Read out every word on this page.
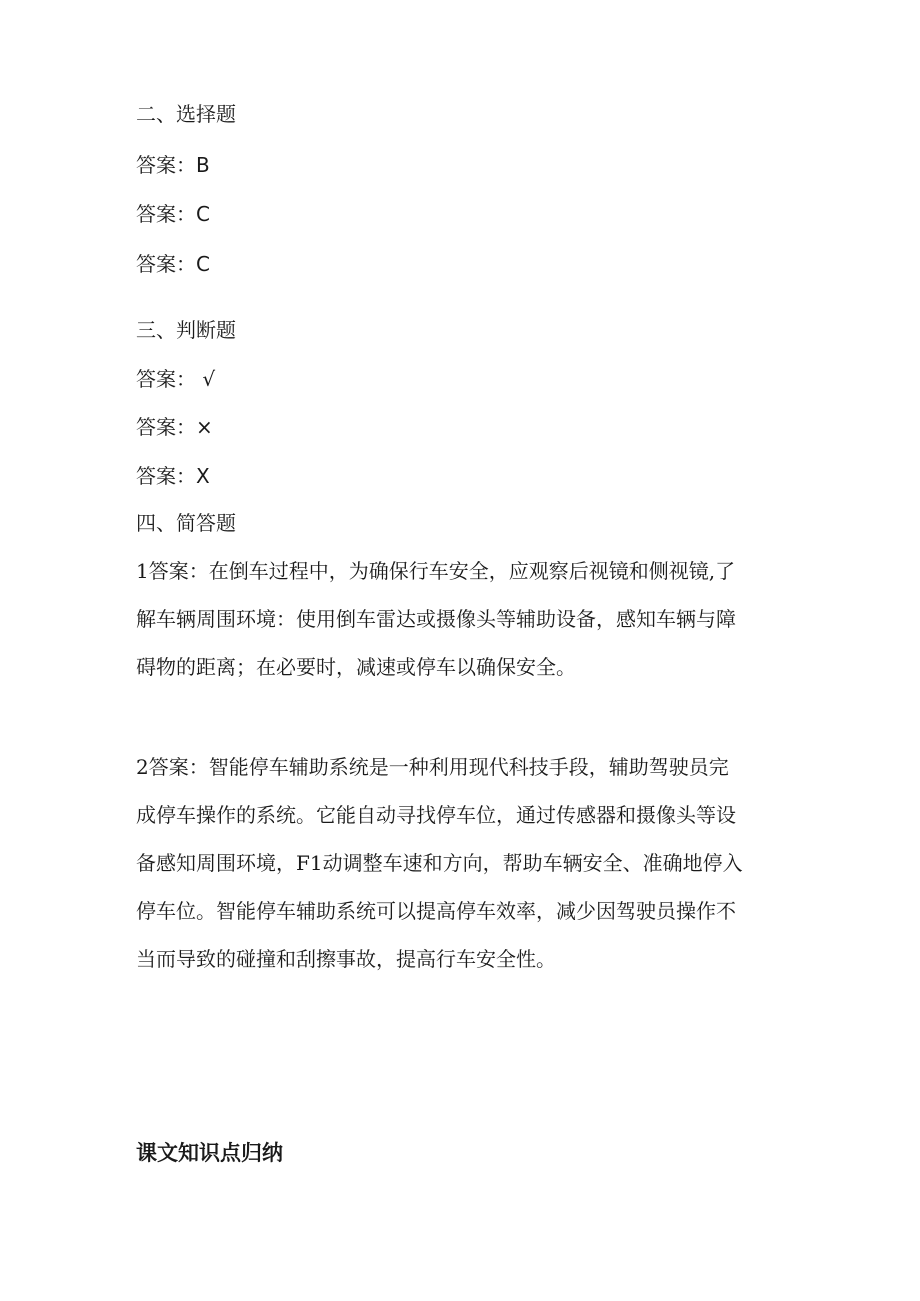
二、选择题
答案：B
答案：C
答案：C
三、判断题
答案： √
答案：×
答案：X
四、简答题
1答案：在倒车过程中，为确保行车安全，应观察后视镜和侧视镜,了
解车辆周围环境：使用倒车雷达或摄像头等辅助设备，感知车辆与障
碍物的距离；在必要时，减速或停车以确保安全。
2答案：智能停车辅助系统是一种利用现代科技手段，辅助驾驶员完
成停车操作的系统。它能自动寻找停车位，通过传感器和摄像头等设
备感知周围环境，F1动调整车速和方向，帮助车辆安全、准确地停入
停车位。智能停车辅助系统可以提高停车效率，减少因驾驶员操作不
当而导致的碰撞和刮擦事故，提高行车安全性。
课文知识点归纳
